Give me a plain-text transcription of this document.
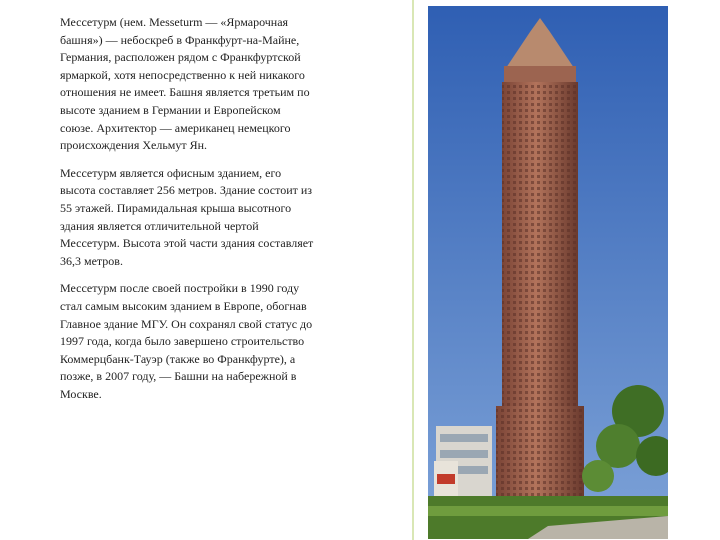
Мессетурм (нем. Messeturm — «Ярмарочная башня») — небоскреб в Франкфурт-на-Майне, Германия, расположен рядом с Франкфуртской ярмаркой, хотя непосредственно к ней никакого отношения не имеет. Башня является третьим по высоте зданием в Германии и Европейском союзе. Архитектор — американец немецкого происхождения Хельмут Ян.

Мессетурм является офисным зданием, его высота составляет 256 метров. Здание состоит из 55 этажей. Пирамидальная крыша высотного здания является отличительной чертой Мессетурм. Высота этой части здания составляет 36,3 метров.

Мессетурм после своей постройки в 1990 году стал самым высоким зданием в Европе, обогнав Главное здание МГУ. Он сохранял свой статус до 1997 года, когда было завершено строительство Коммерцбанк-Тауэр (также во Франкфурте), а позже, в 2007 году, — Башни на набережной в Москве.
